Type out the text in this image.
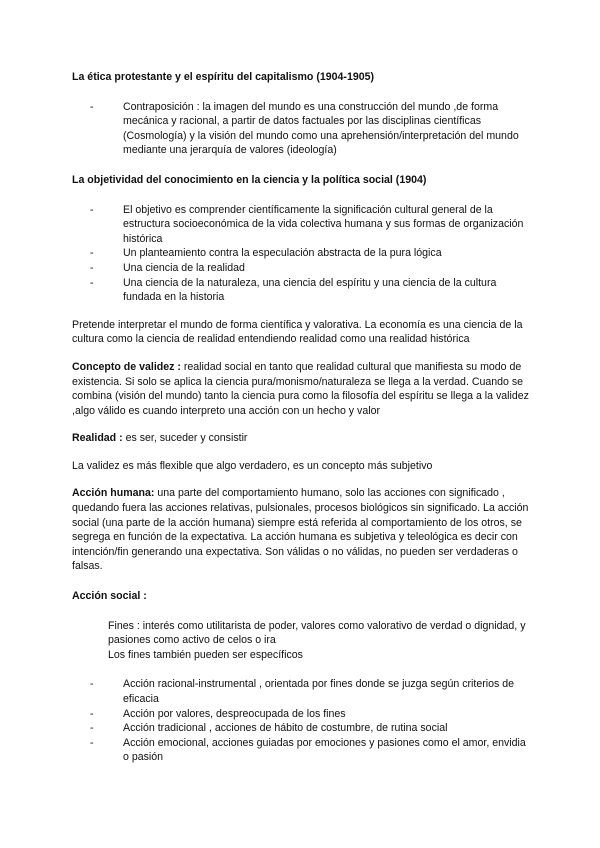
La ética protestante y el espíritu del capitalismo (1904-1905)
- Contraposición : la imagen del mundo es una construcción del mundo ,de forma mecánica y racional, a partir de datos factuales por las disciplinas científicas (Cosmología) y la visión del mundo como una aprehensión/interpretación del mundo mediante una jerarquía de valores (ideología)
La objetividad del conocimiento en la ciencia y la política social (1904)
- El objetivo es comprender científicamente la significación cultural general de la estructura socioeconómica de la vida colectiva humana y sus formas de organización histórica
- Un planteamiento contra la especulación abstracta de la pura lógica
- Una ciencia de la realidad
- Una ciencia de la naturaleza, una ciencia del espíritu y una ciencia de la cultura fundada en la historia

Pretende interpretar el mundo de forma científica y valorativa. La economía es una ciencia de la cultura como la ciencia de realidad entendiendo realidad como una realidad histórica

Concepto de validez : realidad social en tanto que realidad cultural que manifiesta su modo de existencia. Si solo se aplica la ciencia pura/monismo/naturaleza se llega a la verdad. Cuando se combina (visión del mundo) tanto la ciencia pura como la filosofía del espíritu se llega a la validez ,algo válido es cuando interpreto una acción con un hecho y valor

Realidad : es ser, suceder y consistir

La validez es más flexible que algo verdadero, es un concepto más subjetivo

Acción humana: una parte del comportamiento humano, solo las acciones con significado , quedando fuera las acciones relativas, pulsionales, procesos biológicos sin significado. La acción social (una parte de la acción humana) siempre está referida al comportamiento de los otros, se segrega en función de la expectativa. La acción humana es subjetiva y teleológica es decir con intención/fin generando una expectativa. Son válidas o no válidas, no pueden ser verdaderas o falsas.

Acción social :

Fines : interés como utilitarista de poder, valores como valorativo de verdad o dignidad, y pasiones como activo de celos o ira

Los fines también pueden ser específicos

- Acción racional-instrumental , orientada por fines donde se juzga según criterios de eficacia
- Acción por valores, despreocupada de los fines
- Acción tradicional , acciones de hábito de costumbre, de rutina social
- Acción emocional, acciones guiadas por emociones y pasiones como el amor, envidia o pasión
